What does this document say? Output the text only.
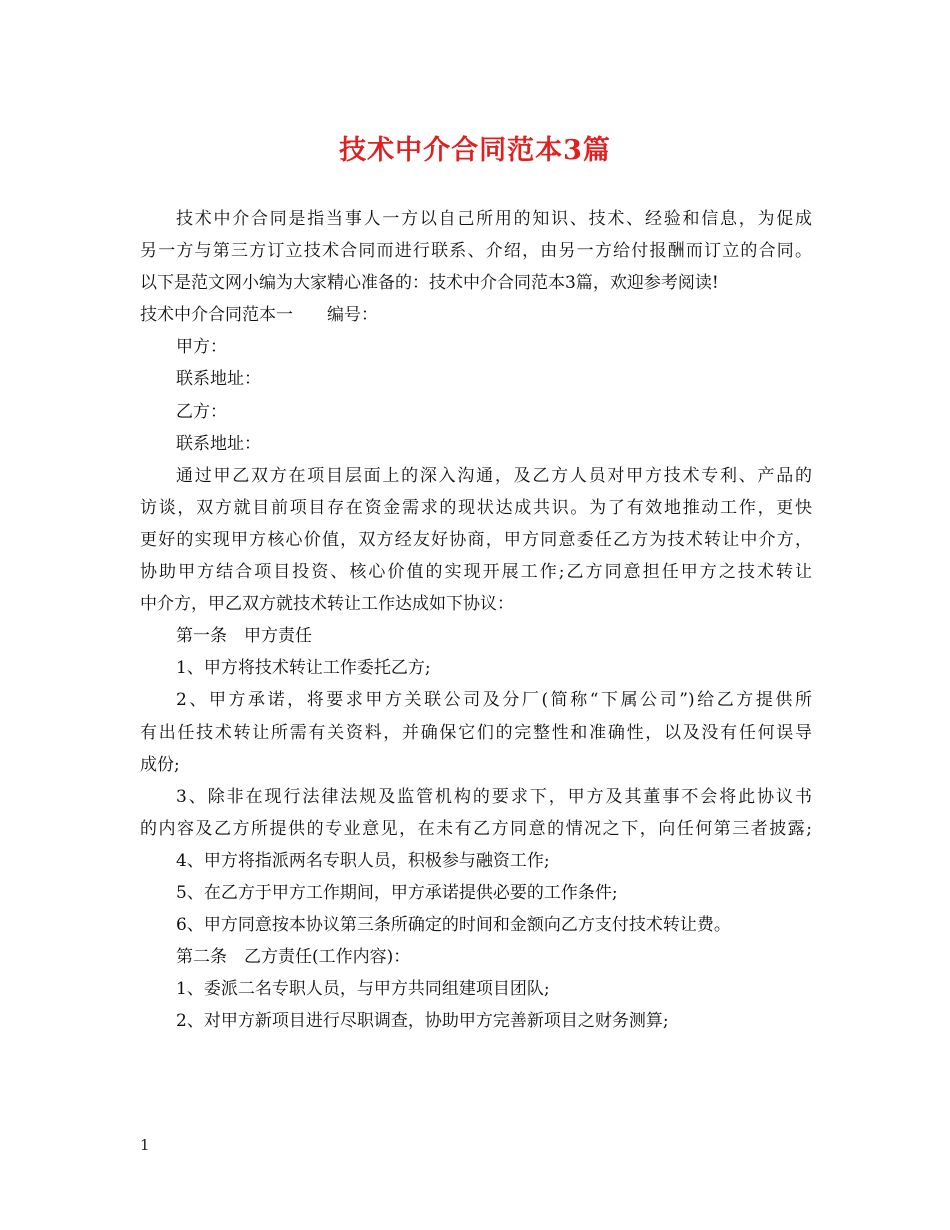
技术中介合同范本3篇
技术中介合同是指当事人一方以自己所用的知识、技术、经验和信息，为促成
另一方与第三方订立技术合同而进行联系、介绍，由另一方给付报酬而订立的合同。
以下是范文网小编为大家精心准备的：技术中介合同范本3篇，欢迎参考阅读!
技术中介合同范本一　　编号：
甲方：
联系地址：
乙方：
联系地址：
通过甲乙双方在项目层面上的深入沟通，及乙方人员对甲方技术专利、产品的
访谈，双方就目前项目存在资金需求的现状达成共识。为了有效地推动工作，更快
更好的实现甲方核心价值，双方经友好协商，甲方同意委任乙方为技术转让中介方，
协助甲方结合项目投资、核心价值的实现开展工作;乙方同意担任甲方之技术转让
中介方，甲乙双方就技术转让工作达成如下协议：
第一条　甲方责任
1、甲方将技术转让工作委托乙方;
2、甲方承诺，将要求甲方关联公司及分厂(简称“下属公司”)给乙方提供所
有出任技术转让所需有关资料，并确保它们的完整性和准确性，以及没有任何误导
成份;
3、除非在现行法律法规及监管机构的要求下，甲方及其董事不会将此协议书
的内容及乙方所提供的专业意见，在未有乙方同意的情况之下，向任何第三者披露;
4、甲方将指派两名专职人员，积极参与融资工作;
5、在乙方于甲方工作期间，甲方承诺提供必要的工作条件;
6、甲方同意按本协议第三条所确定的时间和金额向乙方支付技术转让费。
第二条　乙方责任(工作内容)：
1、委派二名专职人员，与甲方共同组建项目团队;
2、对甲方新项目进行尽职调查，协助甲方完善新项目之财务测算;
1
